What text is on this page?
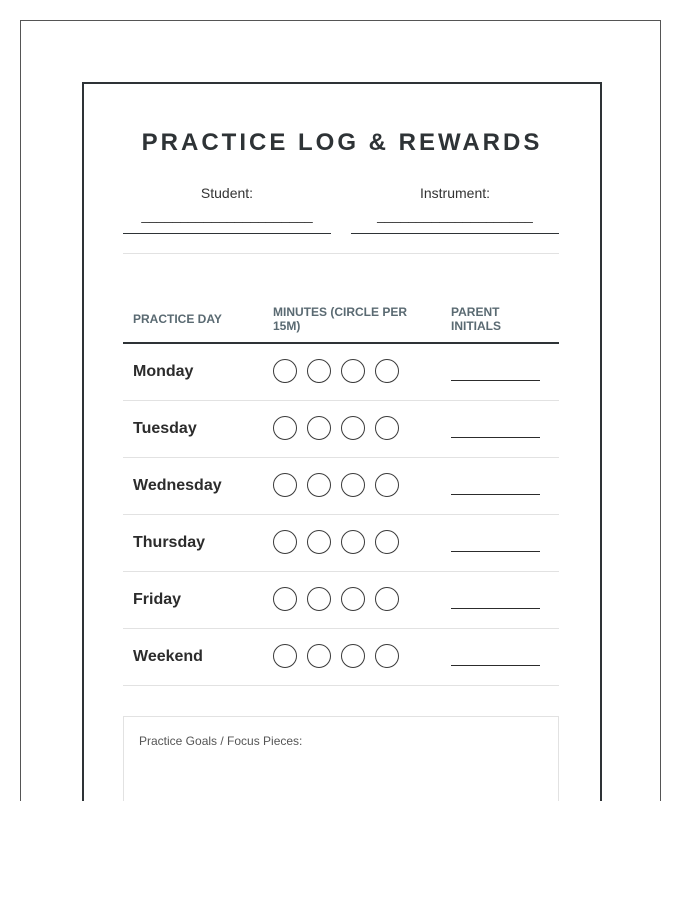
PRACTICE LOG & REWARDS
Student:
______________________
Instrument:
____________________
PRACTICE DAY	MINUTES (CIRCLE PER 15M)
PARENT INITIALS
Monday
Tuesday
Wednesday
Thursday
Friday
Weekend
Practice Goals / Focus Pieces:
